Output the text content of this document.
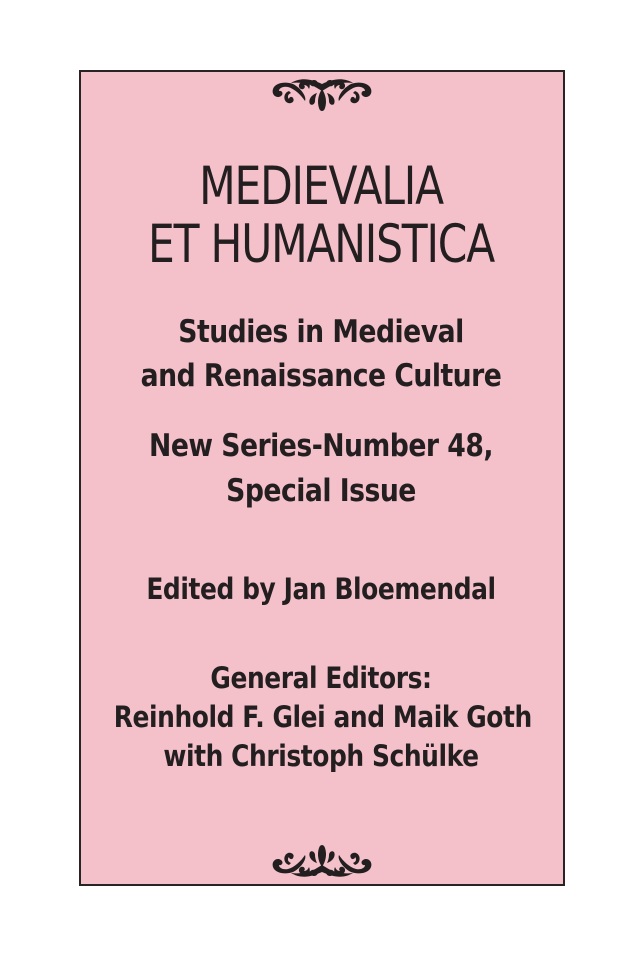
MEDIEVALIA
ET HUMANISTICA
Studies in Medieval
and Renaissance Culture
New Series-Number 48,
Special Issue
Edited by Jan Bloemendal
General Editors:
Reinhold F. Glei and Maik Goth
with Christoph Schülke
